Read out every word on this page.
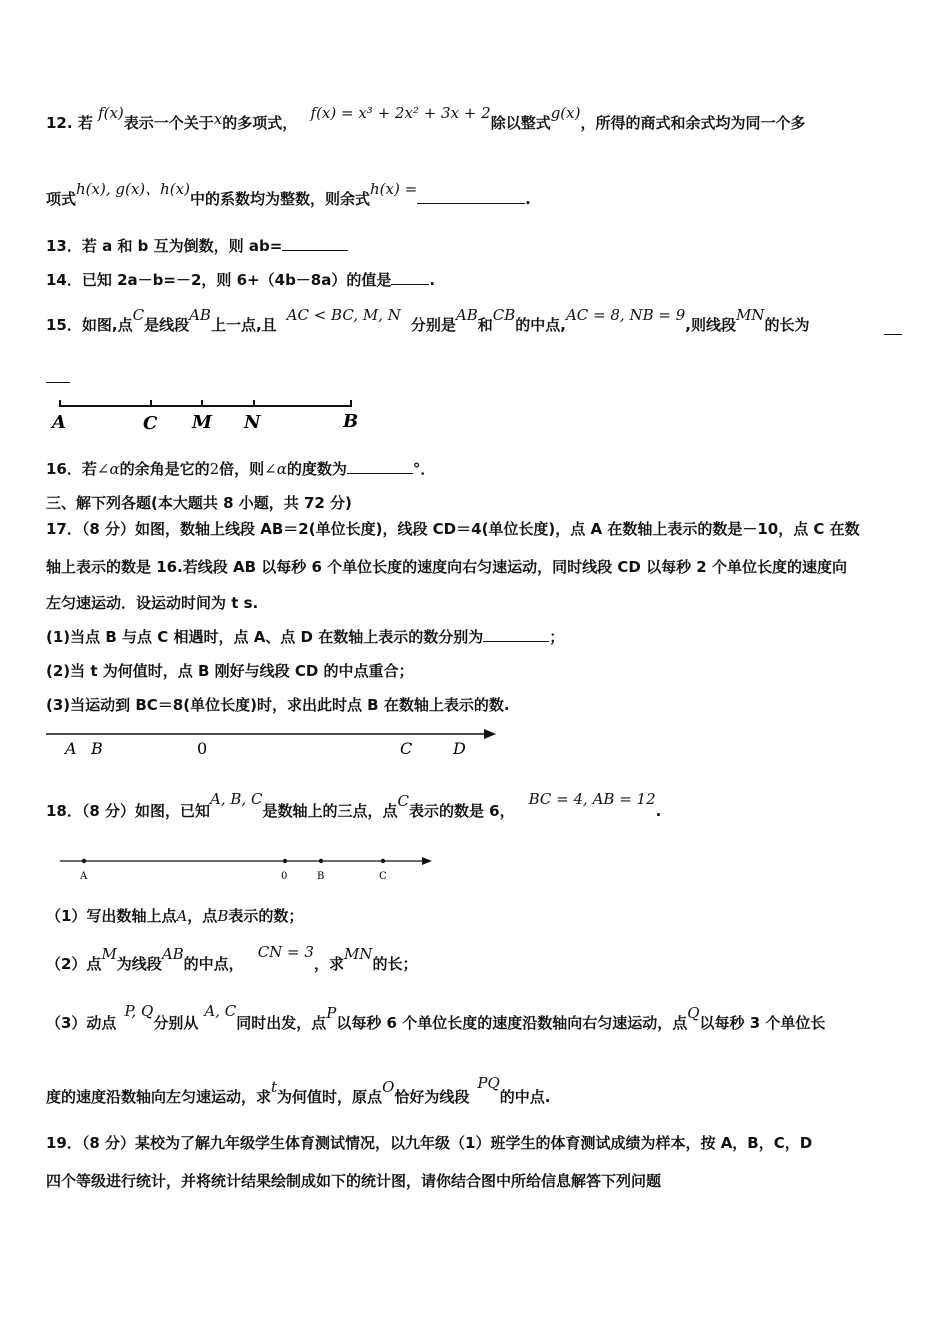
12. 若 f(x)表示一个关于x的多项式， f(x) = x³ + 2x² + 3x + 2除以整式g(x)，所得的商式和余式均为同一个多
项式h(x), g(x)、h(x)中的系数均为整数，则余式h(x) =.
13．若 a 和 b 互为倒数，则 ab=
14．已知 2a－b=－2，则 6+（4b－8a）的值是	.
15．如图,点C是线段AB上一点,且AC < BC, M, N分别是AB和CB的中点,AC = 8, NB = 9,则线段MN的长为
A	C M N	B
16．若∠α的余角是它的2倍，则∠α的度数为	°．
三、解下列各题(本大题共 8 小题，共 72 分)
17．（8 分）如图，数轴上线段 AB＝2(单位长度)，线段 CD＝4(单位长度)，点 A 在数轴上表示的数是－10，点 C 在数
轴上表示的数是 16.若线段 AB 以每秒 6 个单位长度的速度向右匀速运动，同时线段 CD 以每秒 2 个单位长度的速度向
左匀速运动．设运动时间为 t s.
(1)当点 B 与点 C 相遇时，点 A、点 D 在数轴上表示的数分别为	；
(2)当 t 为何值时，点 B 刚好与线段 CD 的中点重合；
(3)当运动到 BC＝8(单位长度)时，求出此时点 B 在数轴上表示的数.
A B	0	C	D
18．（8 分）如图，已知A, B, C是数轴上的三点，点C表示的数是 6，BC = 4, AB = 12.
A	0	B	C
（1）写出数轴上点A，点B表示的数；
（2）点M为线段AB的中点，CN = 3，求MN的长；
（3）动点P, Q分别从A, C同时出发，点P以每秒 6 个单位长度的速度沿数轴向右匀速运动，点Q以每秒 3 个单位长
度的速度沿数轴向左匀速运动，求t为何值时，原点O恰好为线段PQ的中点.
19．（8 分）某校为了解九年级学生体育测试情况，以九年级（1）班学生的体育测试成绩为样本，按 A，B，C，D
四个等级进行统计，并将统计结果绘制成如下的统计图，请你结合图中所给信息解答下列问题
